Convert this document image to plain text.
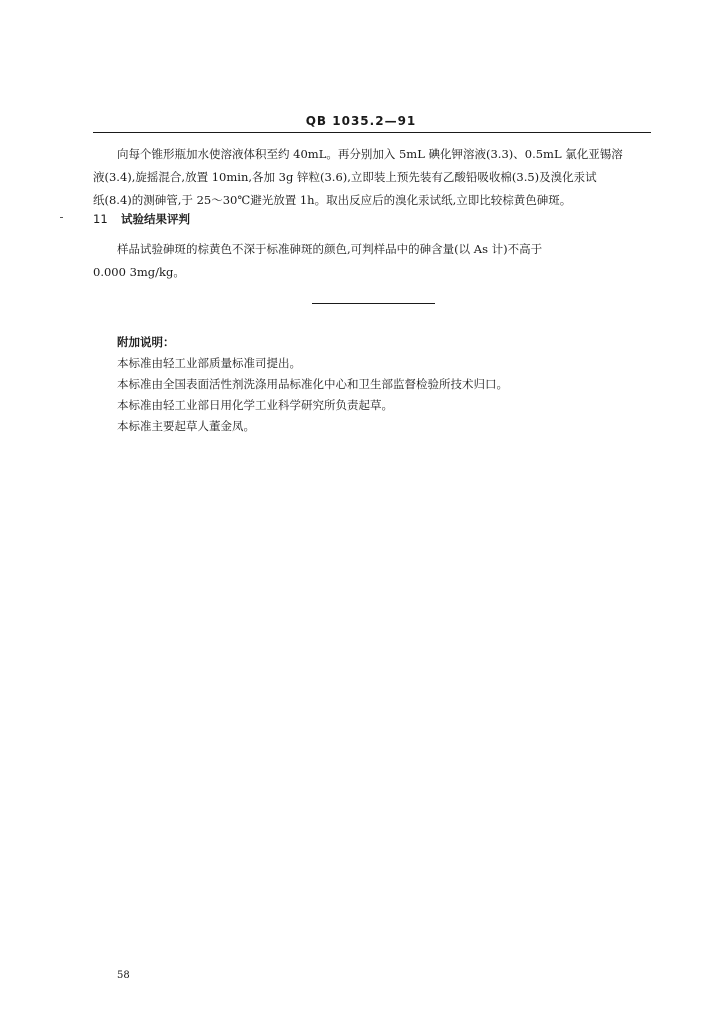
QB 1035.2—91

向每个锥形瓶加水使溶液体积至约 40mL。再分别加入 5mL 碘化钾溶液(3.3)、0.5mL 氯化亚锡溶

液(3.4),旋摇混合,放置 10min,各加 3g 锌粒(3.6),立即装上预先装有乙酸铅吸收棉(3.5)及溴化汞试

纸(8.4)的测砷管,于 25～30℃避光放置 1h。取出反应后的溴化汞试纸,立即比较棕黄色砷斑。

11 试验结果评判

样品试验砷斑的棕黄色不深于标准砷斑的颜色,可判样品中的砷含量(以 As 计)不高于

0.000 3mg/kg。

附加说明：
本标准由轻工业部质量标准司提出。
本标准由全国表面活性剂洗涤用品标准化中心和卫生部监督检验所技术归口。
本标准由轻工业部日用化学工业科学研究所负责起草。
本标准主要起草人董金凤。
58
